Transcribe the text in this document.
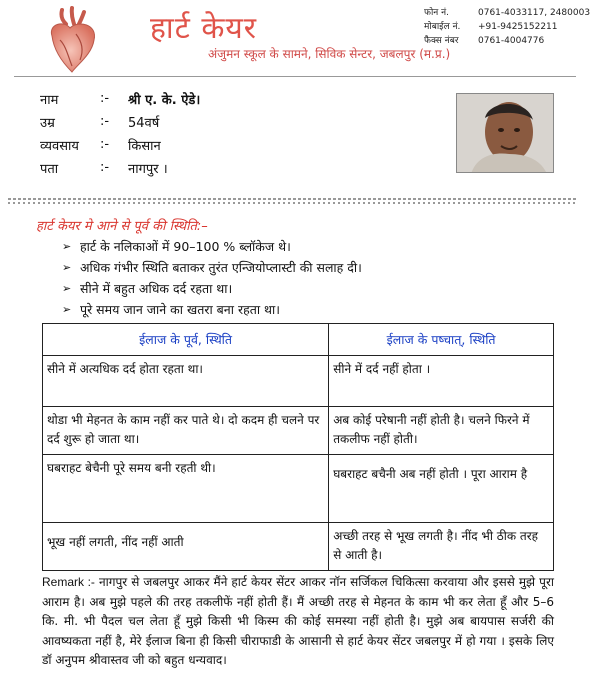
हार्ट केयर
अंजुमन स्कूल के सामने, सिविक सेन्टर, जबलपुर (म.प्र.)
फोन नं.	0761-4033117, 2480003
मोबाईल नं.	+91-9425152211
फैक्स नंबर	0761-4004776
नाम	:-	श्री ए. के. ऐडे।
उम्र	:-	54वर्ष
व्यवसाय	:-	किसान
पता	:-	नागपुर ।
हार्ट केयर मे आने से पूर्व की स्थिति:–
➢ हार्ट के नलिकाओं में 90–100 % ब्लॉकेज थे।
➢ अधिक गंभीर स्थिति बताकर तुरंत एन्जियोप्लास्टी की सलाह दी।
➢ सीने में बहुत अधिक दर्द रहता था।
➢ पूरे समय जान जाने का खतरा बना रहता था।
ईलाज के पूर्व, स्थिति	ईलाज के पष्चात्, स्थिति
सीने में अत्यधिक दर्द होता रहता था।	सीने में दर्द नहीं होता ।
थोडा भी मेहनत के काम नहीं कर पाते थे। दो कदम ही चलने पर दर्द शुरू हो जाता था।	अब कोई परेषानी नहीं होती है। चलने फिरने में तकलीफ नहीं होती।
घबराहट बेचैनी पूरे समय बनी रहती थी।	घबराहट बचैनी अब नहीं होती । पूरा आराम है
भूख नहीं लगती, नींद नहीं आती	अच्छी तरह से भूख लगती है। नींद भी ठीक तरह से आती है।
Remark :- नागपुर से जबलपुर आकर मैंने हार्ट केयर सेंटर आकर नॉन सर्जिकल चिकित्सा करवाया और इससे मुझे पूरा आराम है। अब मुझे पहले की तरह तकलीफें नहीं होती हैं। मैं अच्छी तरह से मेहनत के काम भी कर लेता हूँ और 5–6 कि. मी. भी पैदल चल लेता हूँ मुझे किसी भी किस्म की कोई समस्या नहीं होती है। मुझे अब बायपास सर्जरी की आवष्यकता नहीं है, मेरे ईलाज बिना ही किसी चीराफाडी के आसानी से हार्ट केयर सेंटर जबलपुर में हो गया । इसके लिए डॉ अनुपम श्रीवास्तव जी को बहुत धन्यवाद।
